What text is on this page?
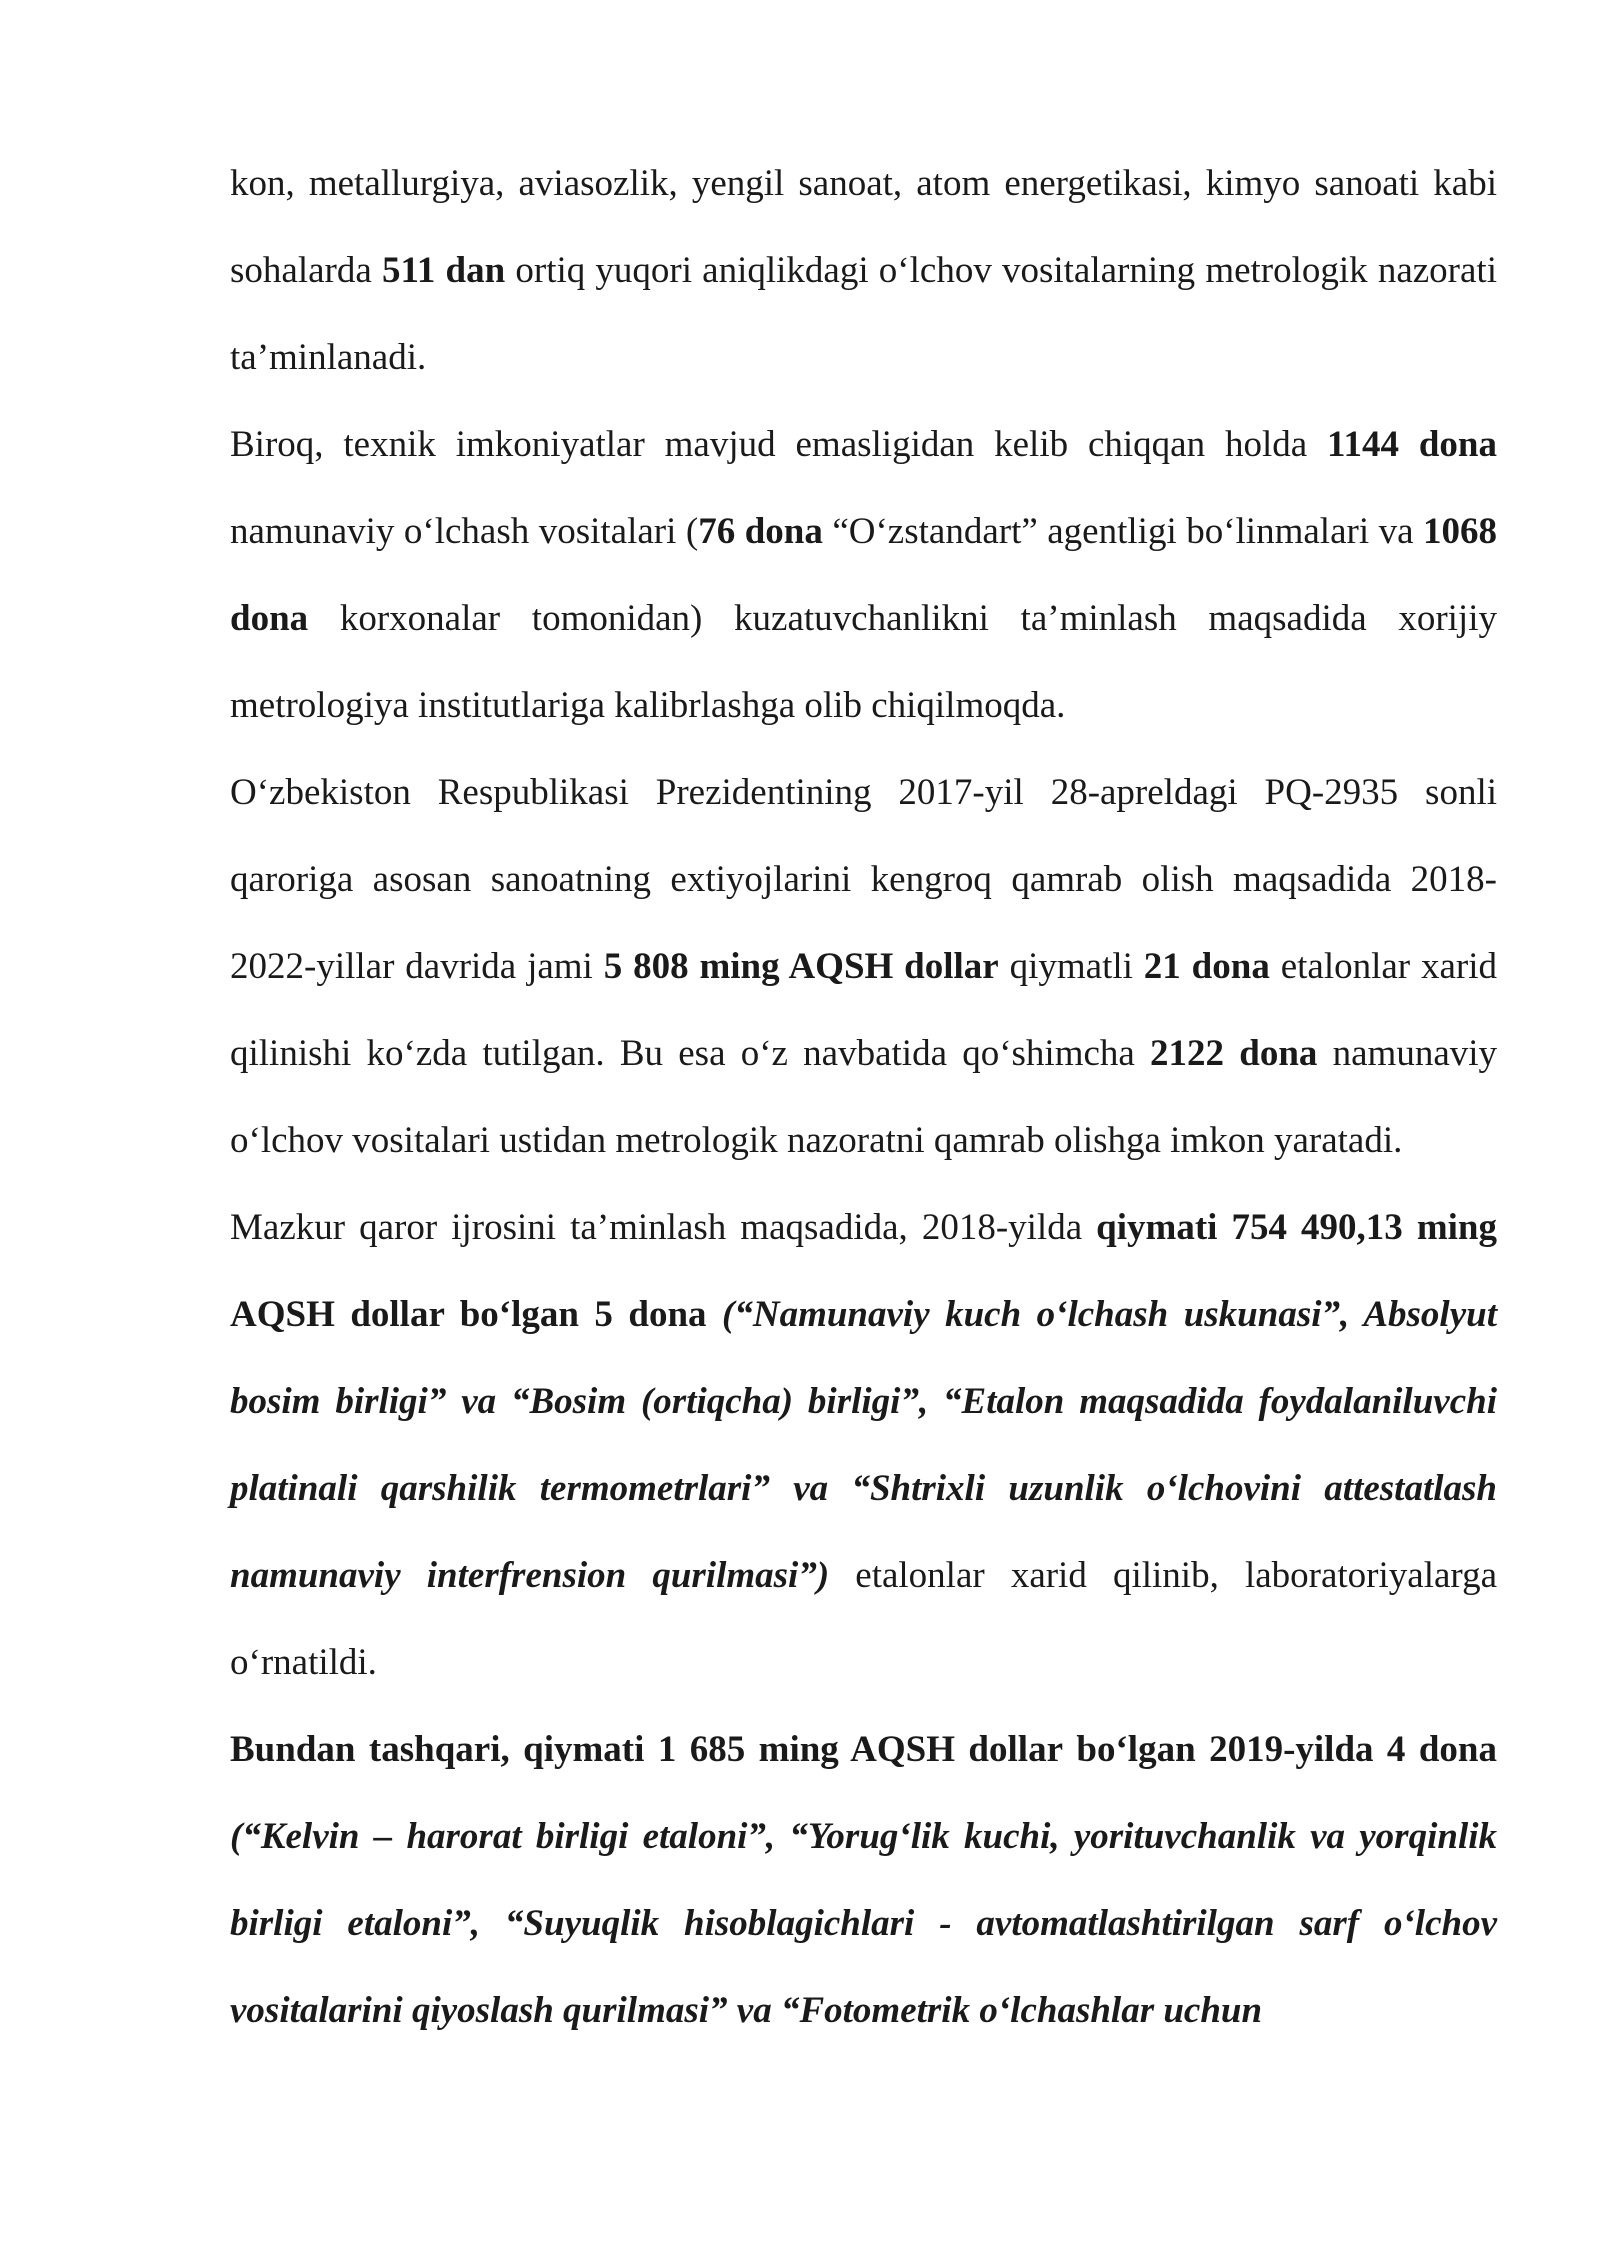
kon, metallurgiya, aviasozlik, yengil sanoat, atom energetikasi, kimyo sanoati kabi sohalarda 511 dan ortiq yuqori aniqlikdagi oʻlchov vositalarning metrologik nazorati taʼminlanadi.

Biroq, texnik imkoniyatlar mavjud emasligidan kelib chiqqan holda 1144 dona namunaviy oʻlchash vositalari (76 dona “Oʻzstandart” agentligi boʻlinmalari va 1068 dona korxonalar tomonidan) kuzatuvchanlikni taʼminlash maqsadida xorijiy metrologiya institutlariga kalibrlashga olib chiqilmoqda.

Oʻzbekiston Respublikasi Prezidentining 2017-yil 28-apreldagi PQ-2935 sonli qaroriga asosan sanoatning extiyojlarini kengroq qamrab olish maqsadida 2018-2022-yillar davrida jami 5 808 ming AQSH dollar qiymatli 21 dona etalonlar xarid qilinishi koʻzda tutilgan. Bu esa oʻz navbatida qoʻshimcha 2122 dona namunaviy oʻlchov vositalari ustidan metrologik nazoratni qamrab olishga imkon yaratadi.

Mazkur qaror ijrosini taʼminlash maqsadida, 2018-yilda qiymati 754 490,13 ming AQSH dollar boʻlgan 5 dona (“Namunaviy kuch oʻlchash uskunasi”, Absolyut bosim birligi” va “Bosim (ortiqcha) birligi”, “Etalon maqsadida foydalaniluvchi platinali qarshilik termometrlari” va “Shtrixli uzunlik oʻlchovini attestatlash namunaviy interfrension qurilmasi”) etalonlar xarid qilinib, laboratoriyalarga oʻrnatildi.

Bundan tashqari, qiymati 1 685 ming AQSH dollar boʻlgan 2019-yilda 4 dona (“Kelvin – harorat birligi etaloni”, “Yorugʻlik kuchi, yorituvchanlik va yorqinlik birligi etaloni”, “Suyuqlik hisoblagichlari - avtomatlashtirilgan sarf oʻlchov vositalarini qiyoslash qurilmasi” va “Fotometrik oʻlchashlar uchun
